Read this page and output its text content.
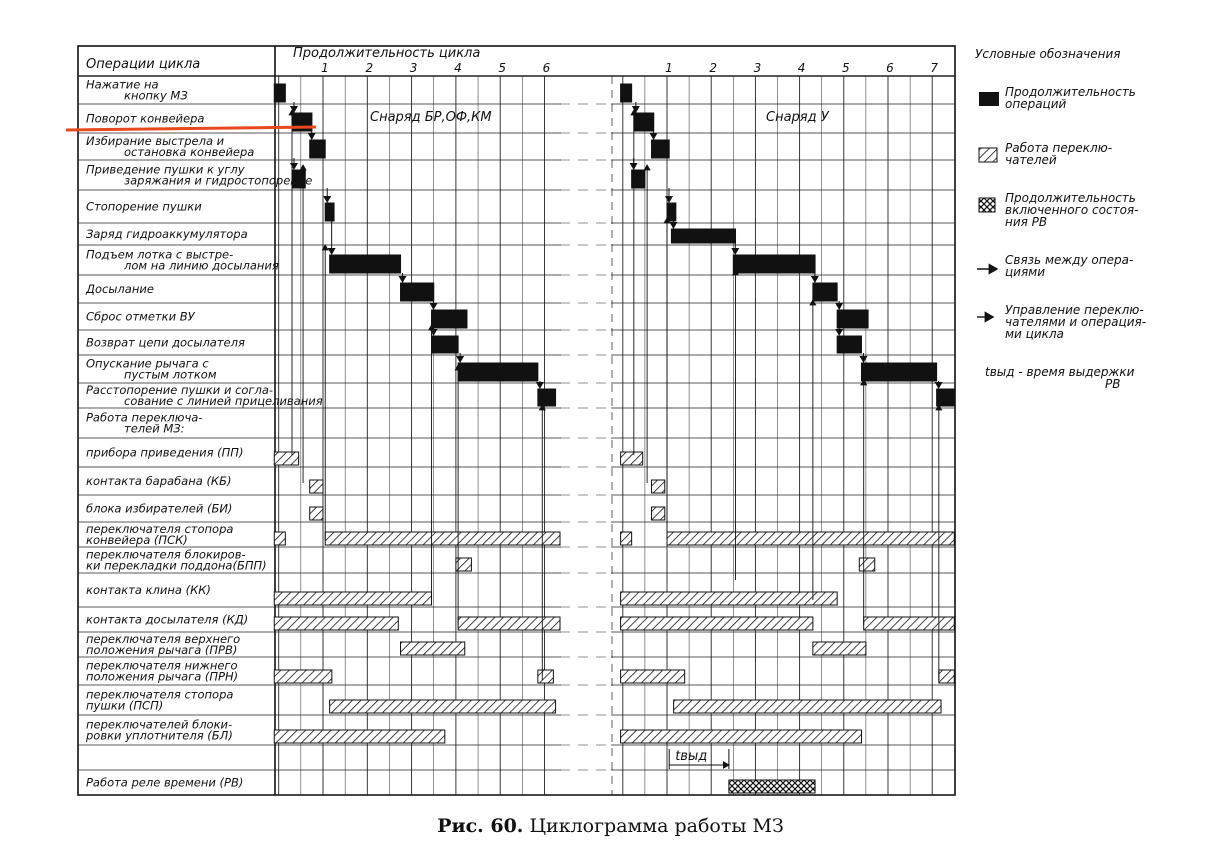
Операции цикла
Продолжительность цикла
1	2	3	4	5	6	1	2	3	4	5	6	7
Нажатие на
кнопку МЗ
Поворот конвейера
Избирание выстрела и
остановка конвейера
Приведение пушки к углу
заряжания и гидростопорение
Стопорение пушки
Заряд гидроаккумулятора
Подъем лотка с выстре-
лом на линию досылания
Досылание
Сброс отметки ВУ
Возврат цепи досылателя
Опускание рычага с
пустым лотком
Расстопорение пушки и согла-
сование с линией прицеливания
Работа переключа-
телей МЗ:
прибора приведения (ПП)
контакта барабана (КБ)
блока избирателей (БИ)
переключателя стопора
конвейера (ПСК)
переключателя блокиров-
ки перекладки поддона(БПП)
контакта клина (КК)
контакта досылателя (КД)
переключателя верхнего
положения рычага (ПРВ)
переключателя нижнего
положения рычага (ПРН)
переключателя стопора
пушки (ПСП)
переключателей блоки-
ровки уплотнителя (БЛ)
Работа реле времени (РВ)
Снаряд БР,ОФ,КМ	Снаряд У
tвыд
Условные обозначения
Продолжительность
операций
Работа переклю-
чателей
Продолжительность
включенного состоя-
ния РВ
Связь между опера-
циями
Управление переклю-
чателями и операция-
ми цикла
tвыд - время выдержки
РВ
Рис. 60. Циклограмма работы МЗ
